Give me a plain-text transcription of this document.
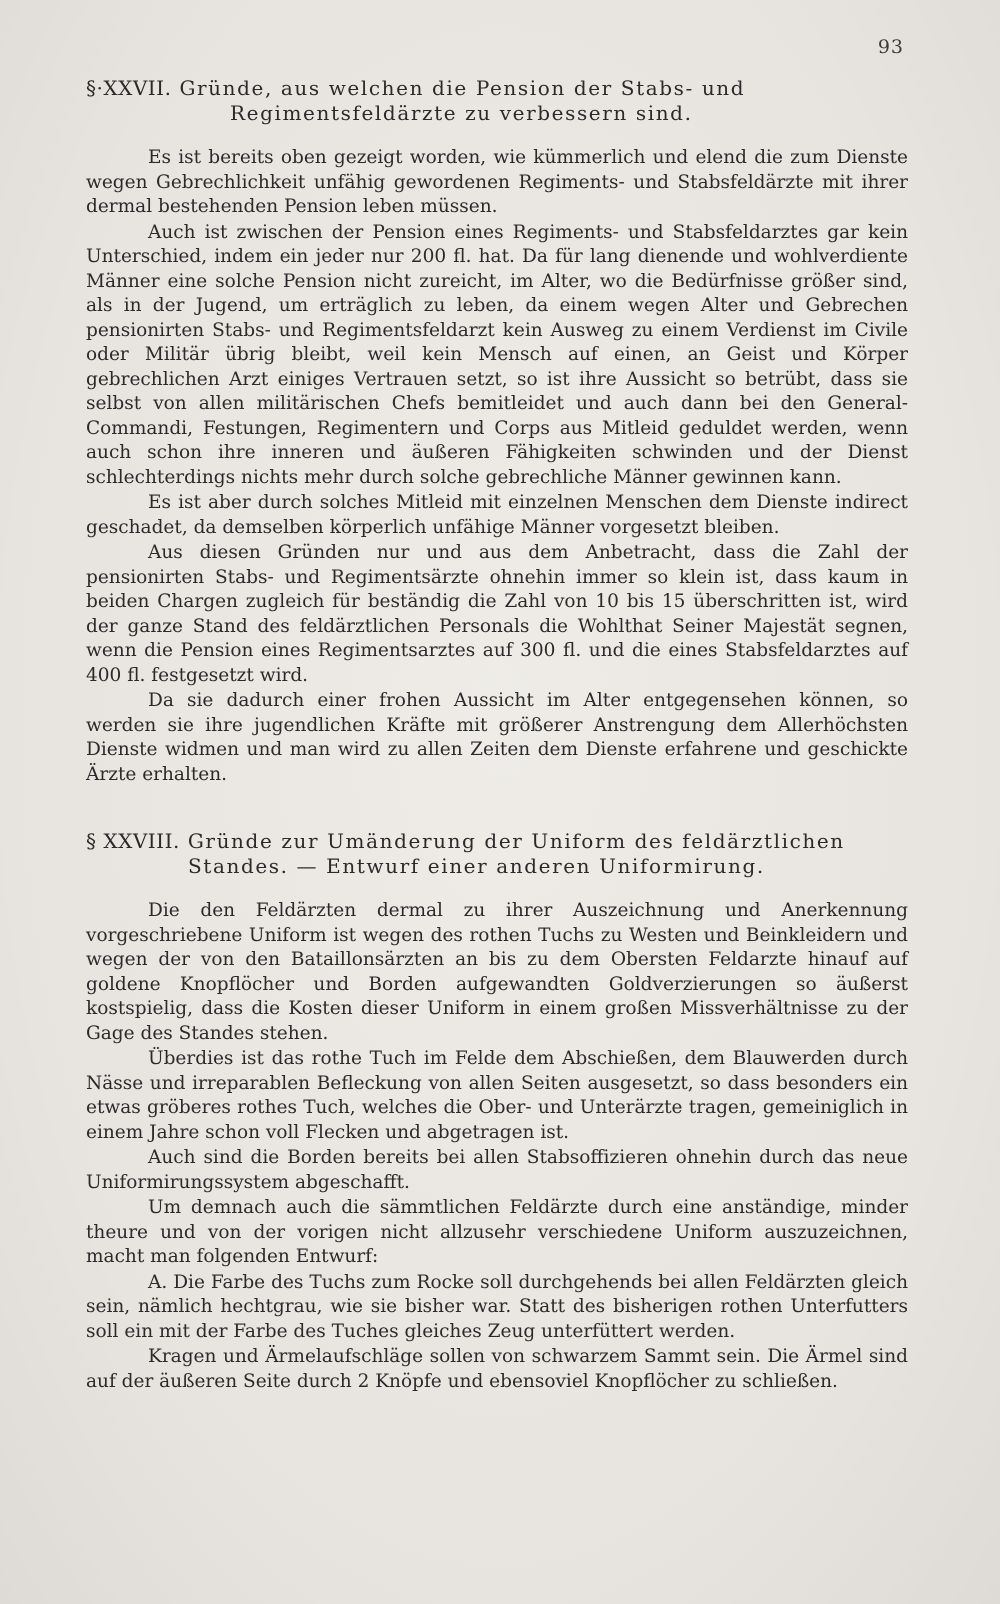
93
§·XXVII. Gründe, aus welchen die Pension der Stabs- und
Regimentsfeldärzte zu verbessern sind.

Es ist bereits oben gezeigt worden, wie kümmerlich und elend die zum Dienste wegen Gebrechlichkeit unfähig gewordenen Regiments- und Stabsfeldärzte mit ihrer dermal bestehenden Pension leben müssen.

Auch ist zwischen der Pension eines Regiments- und Stabsfeldarztes gar kein Unterschied, indem ein jeder nur 200 fl. hat. Da für lang dienende und wohlverdiente Männer eine solche Pension nicht zureicht, im Alter, wo die Bedürfnisse größer sind, als in der Jugend, um erträglich zu leben, da einem wegen Alter und Gebrechen pensionirten Stabs- und Regimentsfeldarzt kein Ausweg zu einem Verdienst im Civile oder Militär übrig bleibt, weil kein Mensch auf einen, an Geist und Körper gebrechlichen Arzt einiges Vertrauen setzt, so ist ihre Aussicht so betrübt, dass sie selbst von allen militärischen Chefs bemitleidet und auch dann bei den General-Commandi, Festungen, Regimentern und Corps aus Mitleid geduldet werden, wenn auch schon ihre inneren und äußeren Fähigkeiten schwinden und der Dienst schlechterdings nichts mehr durch solche gebrechliche Männer gewinnen kann.

Es ist aber durch solches Mitleid mit einzelnen Menschen dem Dienste indirect geschadet, da demselben körperlich unfähige Männer vorgesetzt bleiben.

Aus diesen Gründen nur und aus dem Anbetracht, dass die Zahl der pensionirten Stabs- und Regimentsärzte ohnehin immer so klein ist, dass kaum in beiden Chargen zugleich für beständig die Zahl von 10 bis 15 überschritten ist, wird der ganze Stand des feldärztlichen Personals die Wohlthat Seiner Majestät segnen, wenn die Pension eines Regimentsarztes auf 300 fl. und die eines Stabsfeldarztes auf 400 fl. festgesetzt wird.

Da sie dadurch einer frohen Aussicht im Alter entgegensehen können, so werden sie ihre jugendlichen Kräfte mit größerer Anstrengung dem Allerhöchsten Dienste widmen und man wird zu allen Zeiten dem Dienste erfahrene und geschickte Ärzte erhalten.

§ XXVIII. Gründe zur Umänderung der Uniform des feldärztlichen
Standes. — Entwurf einer anderen Uniformirung.

Die den Feldärzten dermal zu ihrer Auszeichnung und Anerkennung vorgeschriebene Uniform ist wegen des rothen Tuchs zu Westen und Beinkleidern und wegen der von den Bataillonsärzten an bis zu dem Obersten Feldarzte hinauf auf goldene Knopflöcher und Borden aufgewandten Goldverzierungen so äußerst kostspielig, dass die Kosten dieser Uniform in einem großen Missverhältnisse zu der Gage des Standes stehen.

Überdies ist das rothe Tuch im Felde dem Abschießen, dem Blauwerden durch Nässe und irreparablen Befleckung von allen Seiten ausgesetzt, so dass besonders ein etwas gröberes rothes Tuch, welches die Ober- und Unterärzte tragen, gemeiniglich in einem Jahre schon voll Flecken und abgetragen ist.

Auch sind die Borden bereits bei allen Stabsoffizieren ohnehin durch das neue Uniformirungssystem abgeschafft.

Um demnach auch die sämmtlichen Feldärzte durch eine anständige, minder theure und von der vorigen nicht allzusehr verschiedene Uniform auszuzeichnen, macht man folgenden Entwurf:

A. Die Farbe des Tuchs zum Rocke soll durchgehends bei allen Feldärzten gleich sein, nämlich hechtgrau, wie sie bisher war. Statt des bisherigen rothen Unterfutters soll ein mit der Farbe des Tuches gleiches Zeug unterfüttert werden.

Kragen und Ärmelaufschläge sollen von schwarzem Sammt sein. Die Ärmel sind auf der äußeren Seite durch 2 Knöpfe und ebensoviel Knopflöcher zu schließen.
